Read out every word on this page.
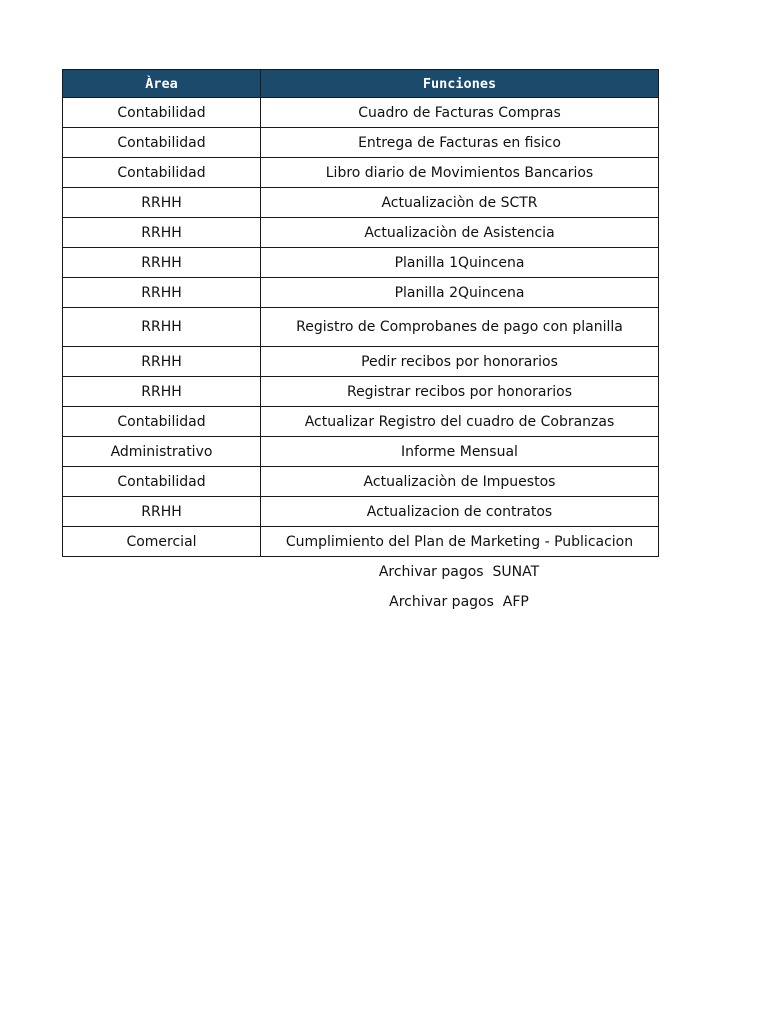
Àrea	Funciones
Contabilidad	Cuadro de Facturas Compras
Contabilidad	Entrega de Facturas en fisico
Contabilidad	Libro diario de Movimientos Bancarios
RRHH	Actualizaciòn de SCTR
RRHH	Actualizaciòn de Asistencia
RRHH	Planilla 1Quincena
RRHH	Planilla 2Quincena
RRHH	Registro de Comprobanes de pago con planilla
RRHH	Pedir recibos por honorarios
RRHH	Registrar recibos por honorarios
Contabilidad	Actualizar Registro del cuadro de Cobranzas
Administrativo	Informe Mensual
Contabilidad	Actualizaciòn de Impuestos
RRHH	Actualizacion de contratos
Comercial	Cumplimiento del Plan de Marketing - Publicacion
Archivar pagos  SUNAT
Archivar pagos  AFP
